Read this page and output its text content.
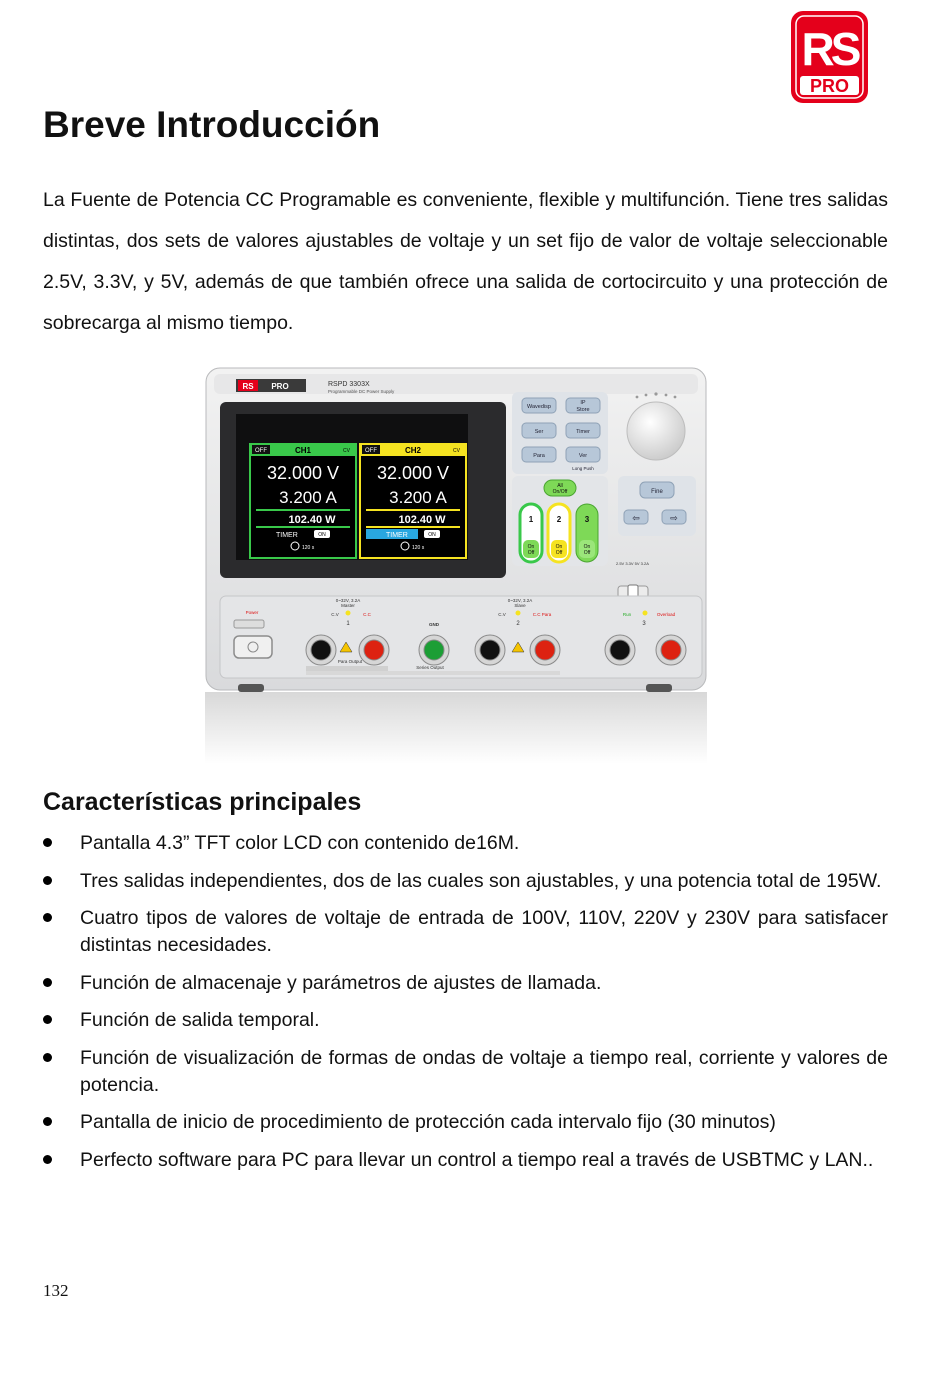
RS
PRO
Breve Introducción

La Fuente de Potencia CC Programable es conveniente, flexible y multifunción. Tiene tres salidas distintas, dos sets de valores ajustables de voltaje y un set fijo de valor de voltaje seleccionable 2.5V, 3.3V, y 5V, además de que también ofrece una salida de cortocircuito y una protección de sobrecarga al mismo tiempo.

RS PRO	RSPD 3303X
Programmable DC Power Supply
OFF	CH1	CV
32.000 V
3.200 A
102.40 W
TIMER	ON
120 s
OFF	CH2	CV
32.000 V
3.200 A
102.40 W
TIMER	ON
120 s
Wavedisp
IP
Store
Ser	Timer
Para	Ver
Long Push
All
On/Off
1	2	3
On
Off
On
Off
On
Off
Fine
⇦	⇨
2.5V 3.3V 5V 3.2A
Power
0~32V, 3.2A
Master
C.V	C.C
0~32V, 3.2A
Slave
C.V	C.C Para	Run	Overload
GND
1	2	3
Para Output
Series Output
Características principales
Pantalla 4.3” TFT color LCD con contenido de16M.
Tres salidas independientes, dos de las cuales son ajustables, y una potencia total de 195W.
Cuatro tipos de valores de voltaje de entrada de 100V, 110V, 220V y 230V para satisfacer distintas necesidades.
Función de almacenaje y parámetros de ajustes de llamada.
Función de salida temporal.
Función de visualización de formas de ondas de voltaje a tiempo real, corriente y valores de potencia.
Pantalla de inicio de procedimiento de protección cada intervalo fijo (30 minutos)
Perfecto software para PC para llevar un control a tiempo real a través de USBTMC y LAN..
132
